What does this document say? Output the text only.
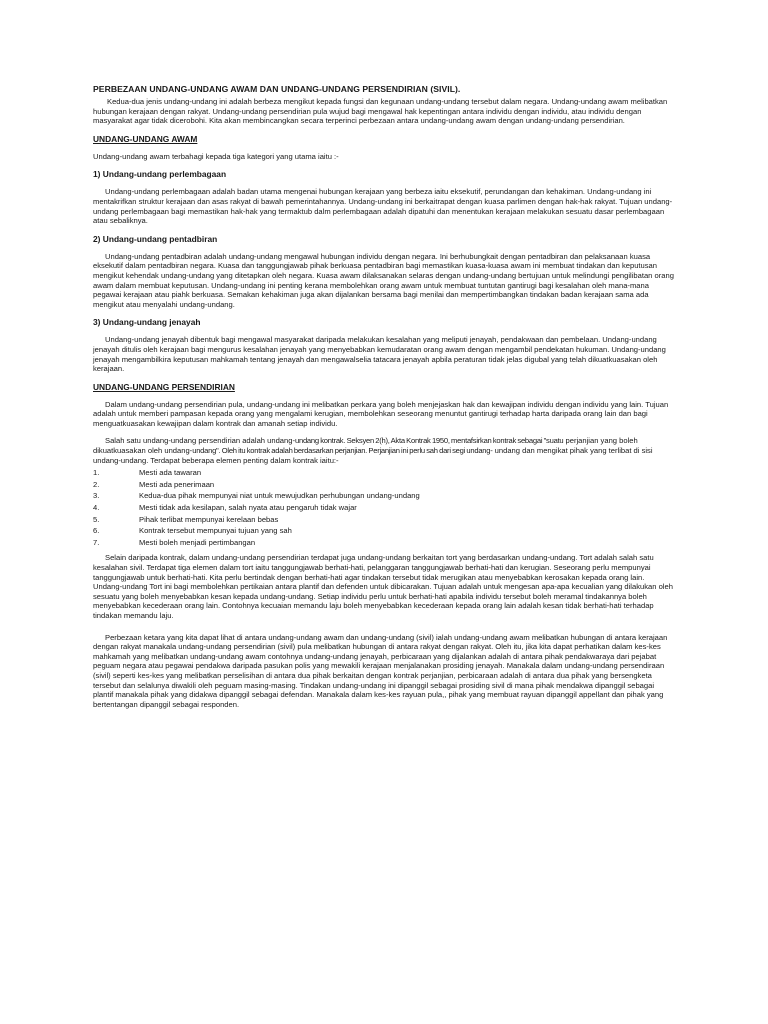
PERBEZAAN UNDANG-UNDANG AWAM DAN UNDANG-UNDANG PERSENDIRIAN (SIVIL).

Kedua-dua jenis undang-undang ini adalah berbeza mengikut kepada fungsi dan kegunaan undang-undang tersebut dalam negara. Undang-undang awam melibatkan hubungan kerajaan dengan rakyat. Undang-undang persendirian pula wujud bagi mengawal hak kepentingan antara individu dengan individu, atau individu dengan masyarakat agar tidak dicerobohi. Kita akan membincangkan secara terperinci perbezaan antara undang-undang awam dengan undang-undang persendirian.

UNDANG-UNDANG AWAM

Undang-undang awam terbahagi kepada tiga kategori yang utama iaitu :-

1) Undang-undang perlembagaan

Undang-undang perlembagaan adalah badan utama mengenai hubungan kerajaan yang berbeza iaitu eksekutif, perundangan dan kehakiman. Undang-undang ini mentakrifkan struktur kerajaan dan asas rakyat di bawah pemerintahannya. Undang-undang ini berkaitrapat dengan kuasa parlimen dengan hak-hak rakyat. Tujuan undang-undang perlembagaan bagi memastikan hak-hak yang termaktub dalm perlembagaan adalah dipatuhi dan menentukan kerajaan melakukan sesuatu dasar perlembagaan atau sebaliknya.

2) Undang-undang pentadbiran

Undang-undang pentadbiran adalah undang-undang mengawal hubungan individu dengan negara. Ini berhubungkait dengan pentadbiran dan pelaksanaan kuasa eksekutif dalam pentadbiran negara. Kuasa dan tanggungjawab pihak berkuasa pentadbiran bagi memastikan kuasa-kuasa awam ini membuat tindakan dan keputusan mengikut kehendak undang-undang yang ditetapkan oleh negara. Kuasa awam dilaksanakan selaras dengan undang-undang bertujuan untuk melindungi pengilibatan orang awam dalam membuat keputusan. Undang-undang ini penting kerana membolehkan orang awam untuk membuat tuntutan gantirugi bagi kesalahan oleh mana-mana pegawai kerajaan atau piahk berkuasa. Semakan kehakiman juga akan dijalankan bersama bagi menilai dan mempertimbangkan tindakan badan kerajaan sama ada mengikut atau menyalahi undang-undang.

3) Undang-undang jenayah

Undang-undang jenayah dibentuk bagi mengawal masyarakat daripada melakukan kesalahan yang meliputi jenayah, pendakwaan dan pembelaan. Undang-undang jenayah ditulis oleh kerajaan bagi mengurus kesalahan jenayah yang menyebabkan kemudaratan orang awam dengan mengambil pendekatan hukuman. Undang-undang jenayah mengambilkira keputusan mahkamah tentang jenayah dan mengawalselia tatacara jenayah apbila peraturan tidak jelas digubal yang telah dikuatkuasakan oleh kerajaan.

UNDANG-UNDANG PERSENDIRIAN

Dalam undang-undang persendirian pula, undang-undang ini melibatkan perkara yang boleh menjejaskan hak dan kewajipan individu dengan individu yang lain. Tujuan adalah untuk memberi pampasan kepada orang yang mengalami kerugian, membolehkan seseorang menuntut gantirugi terhadap harta daripada orang lain dan bagi menguatkuasakan kewajipan dalam kontrak dan amanah setiap individu.

Salah satu undang-undang persendirian adalah undang-undang kontrak. Seksyen 2(h), Akta Kontrak 1950, mentafsirkan kontrak sebagai "suatu perjanjian yang boleh dikuatkuasakan oleh undang-undang". Oleh itu kontrak adalah berdasarkan perjanjian. Perjanjian ini perlu sah dari segi undang- undang dan mengikat pihak yang terlibat di sisi undang-undang. Terdapat beberapa elemen penting dalam kontrak iaitu:-

1.	Mesti ada tawaran
2.	Mesti ada penerimaan
3.	Kedua-dua pihak mempunyai niat untuk mewujudkan perhubungan undang-undang
4.	Mesti tidak ada kesilapan, salah nyata atau pengaruh tidak wajar
5.	Pihak terlibat mempunyai kerelaan bebas
6.	Kontrak tersebut mempunyai tujuan yang sah
7.	Mesti boleh menjadi pertimbangan

Selain daripada kontrak, dalam undang-undang persendirian terdapat juga undang-undang berkaitan tort yang berdasarkan undang-undang. Tort adalah salah satu kesalahan sivil. Terdapat tiga elemen dalam tort iaitu tanggungjawab berhati-hati, pelanggaran tanggungjawab berhati-hati dan kerugian. Seseorang perlu mempunyai tanggungjawab untuk berhati-hati. Kita perlu bertindak dengan berhati-hati agar tindakan tersebut tidak merugikan atau menyebabkan kerosakan kepada orang lain. Undang-undang Tort ini bagi membolehkan pertikaian antara plantif dan defenden untuk dibicarakan. Tujuan adalah untuk mengesan apa-apa kecualian yang dilakukan oleh sesuatu yang boleh menyebabkan kesan kepada undang-undang. Setiap individu perlu untuk berhati-hati apabila individu tersebut boleh meramal tindakannya boleh menyebabkan kecederaan orang lain. Contohnya kecuaian memandu laju boleh menyebabkan kecederaan kepada orang lain adalah kesan tidak berhati-hati terhadap tindakan memandu laju.

Perbezaan ketara yang kita dapat lihat di antara undang-undang awam dan undang-undang (sivil) ialah undang-undang awam melibatkan hubungan di antara kerajaan dengan rakyat manakala undang-undang persendirian (sivil) pula melibatkan hubungan di antara rakyat dengan rakyat. Oleh itu, jika kita dapat perhatikan dalam kes-kes mahkamah yang melibatkan undang-undang awam contohnya undang-undang jenayah, perbicaraan yang dijalankan adalah di antara pihak pendakwaraya dari pejabat peguam negara atau pegawai pendakwa daripada pasukan polis yang mewakili kerajaan menjalanakan prosiding jenayah. Manakala dalam undang-undang persendiraan (sivil) seperti kes-kes yang melibatkan perselisihan di antara dua pihak berkaitan dengan kontrak perjanjian, perbicaraan adalah di antara dua pihak yang bersengketa tersebut dan selalunya diwakili oleh peguam masing-masing. Tindakan undang-undang ini dipanggil sebagai prosiding sivil di mana pihak mendakwa dipanggil sebagai plantif manakala pihak yang didakwa dipanggil sebagai defendan. Manakala dalam kes-kes rayuan pula,, pihak yang membuat rayuan dipanggil appellant dan pihak yang bertentangan dipanggil sebagai responden.
